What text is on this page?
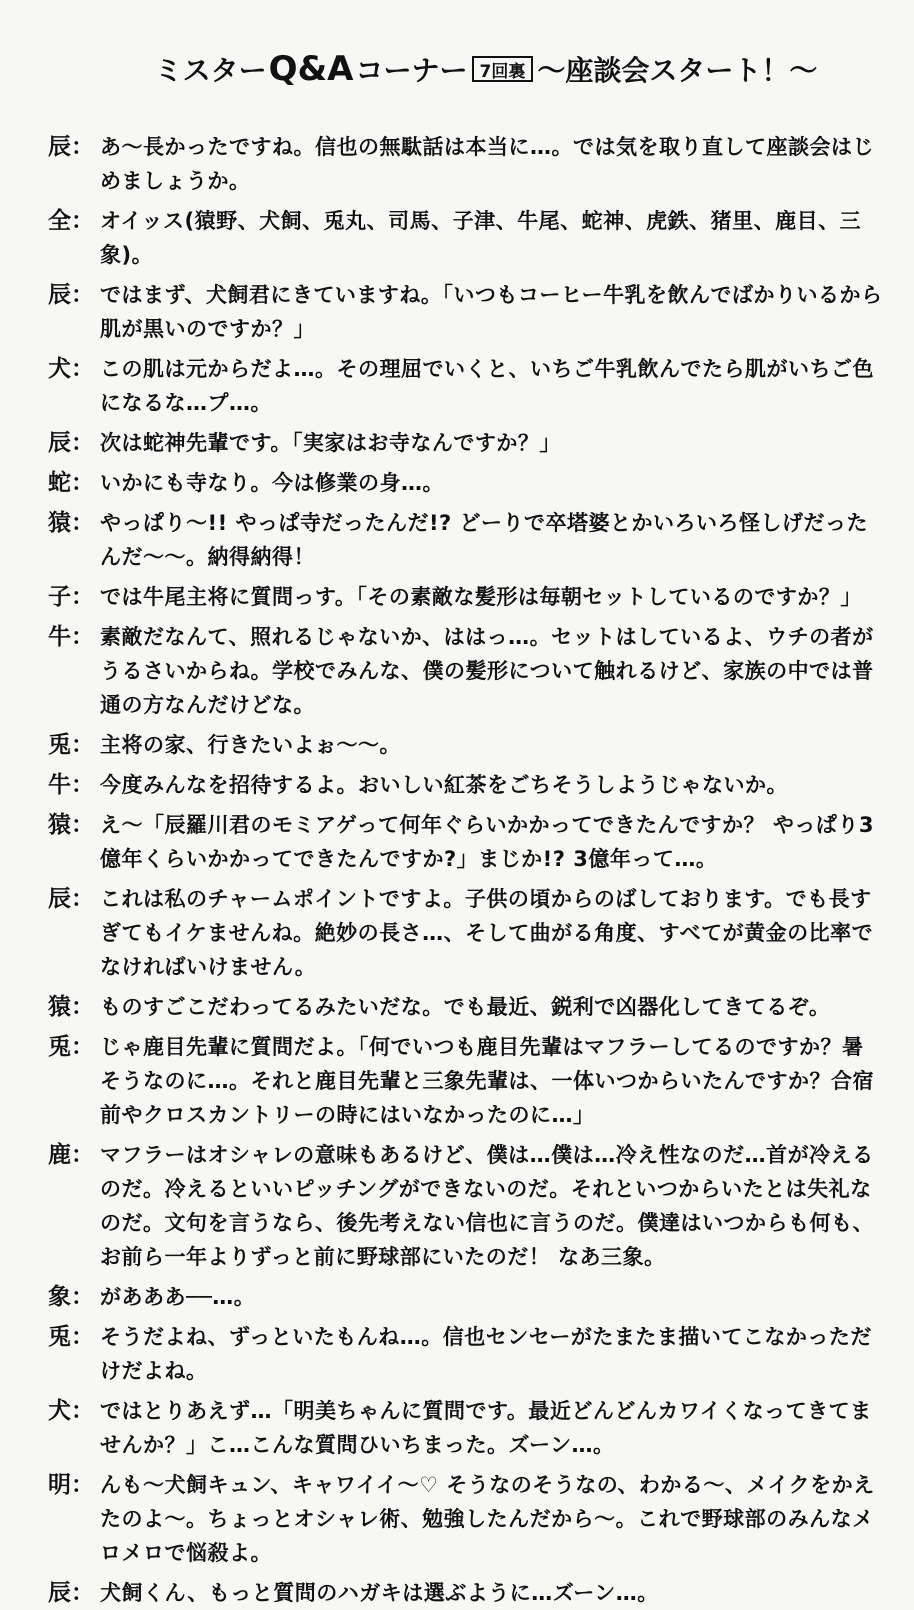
ミスター Q&A コーナー 7回裏 〜座談会スタート！〜
辰： あ〜長かったですね。信也の無駄話は本当に…。では気を取り直して座談会はじめましょうか。
全： オイッス(猿野、犬飼、兎丸、司馬、子津、牛尾、蛇神、虎鉄、猪里、鹿目、三象)。
辰： ではまず、犬飼君にきていますね。「いつもコーヒー牛乳を飲んでばかりいるから肌が黒いのですか？」
犬： この肌は元からだよ…。その理屈でいくと、いちご牛乳飲んでたら肌がいちご色になるな…プ…。
辰： 次は蛇神先輩です。「実家はお寺なんですか？」
蛇： いかにも寺なり。今は修業の身…。
猿： やっぱり〜!! やっぱ寺だったんだ!? どーりで卒塔婆とかいろいろ怪しげだったんだ〜〜。納得納得！
子： では牛尾主将に質問っす。「その素敵な髪形は毎朝セットしているのですか？」
牛： 素敵だなんて、照れるじゃないか、ははっ…。セットはしているよ、ウチの者がうるさいからね。学校でみんな、僕の髪形について触れるけど、家族の中では普通の方なんだけどな。
兎： 主将の家、行きたいよぉ〜〜。
牛： 今度みんなを招待するよ。おいしい紅茶をごちそうしようじゃないか。
猿： え〜「辰羅川君のモミアゲって何年ぐらいかかってできたんですか？ やっぱり3億年くらいかかってできたんですか?」まじか!? 3億年って…。
辰： これは私のチャームポイントですよ。子供の頃からのばしております。でも長すぎてもイケませんね。絶妙の長さ…、そして曲がる角度、すべてが黄金の比率でなければいけません。
猿： ものすごこだわってるみたいだな。でも最近、鋭利で凶器化してきてるぞ。
兎： じゃ鹿目先輩に質問だよ。「何でいつも鹿目先輩はマフラーしてるのですか？暑そうなのに…。それと鹿目先輩と三象先輩は、一体いつからいたんですか？合宿前やクロスカントリーの時にはいなかったのに…」
鹿： マフラーはオシャレの意味もあるけど、僕は…僕は…冷え性なのだ…首が冷えるのだ。冷えるといいピッチングができないのだ。それといつからいたとは失礼なのだ。文句を言うなら、後先考えない信也に言うのだ。僕達はいつからも何も、お前ら一年よりずっと前に野球部にいたのだ！ なあ三象。
象： があああ──…。
兎： そうだよね、ずっといたもんね…。信也センセーがたまたま描いてこなかっただけだよね。
犬： ではとりあえず…「明美ちゃんに質問です。最近どんどんカワイくなってきてませんか？」こ…こんな質問ひいちまった。ズーン…。
明： んも〜犬飼キュン、キャワイイ〜♡ そうなのそうなの、わかる〜、メイクをかえたのよ〜。ちょっとオシャレ術、勉強したんだから〜。これで野球部のみんなメロメロで悩殺よ。
辰： 犬飼くん、もっと質問のハガキは選ぶように…ズーン…。
